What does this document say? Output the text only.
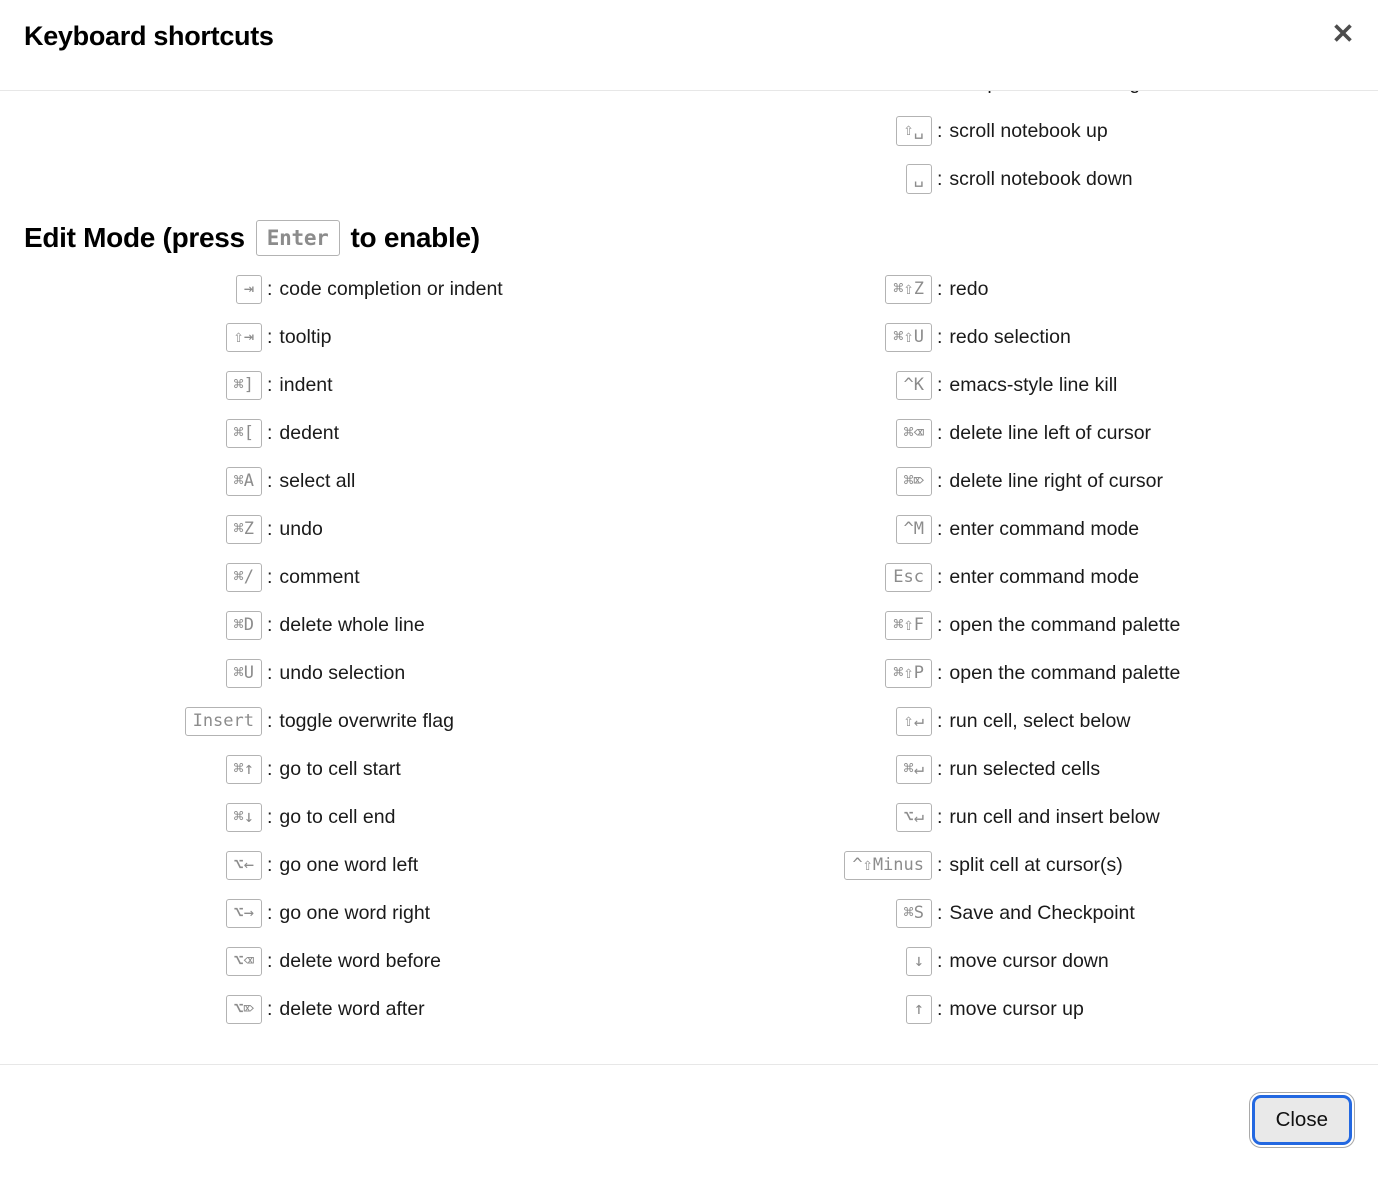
Keyboard shortcuts
⇧␣ : scroll notebook up
␣ : scroll notebook down
Edit Mode (press	Enter to enable)
⇥ : code completion or indent
⇧⇥ : tooltip
⌘] : indent
⌘[ : dedent
⌘A : select all
⌘Z : undo
⌘/ : comment
⌘D : delete whole line
⌘U : undo selection
Insert : toggle overwrite flag
⌘↑ : go to cell start
⌘↓ : go to cell end
⌥← : go one word left
⌥→ : go one word right
⌥⌫ : delete word before
⌥⌦ : delete word after
⌘⇧Z : redo
⌘⇧U : redo selection
^K : emacs-style line kill
⌘⌫ : delete line left of cursor
⌘⌦ : delete line right of cursor
^M : enter command mode
Esc : enter command mode
⌘⇧F : open the command palette
⌘⇧P : open the command palette
⇧↵ : run cell, select below
⌘↵ : run selected cells
⌥↵ : run cell and insert below
^⇧Minus : split cell at cursor(s)
⌘S : Save and Checkpoint
↓ : move cursor down
↑ : move cursor up
Close
